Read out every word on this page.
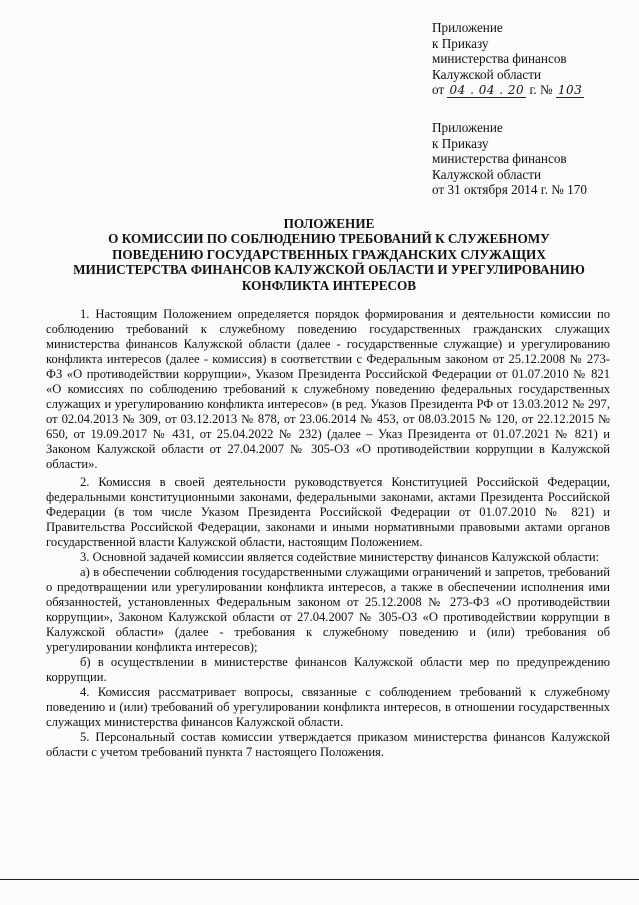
Приложение
к Приказу
министерства финансов
Калужской области
от 04 . 04 . 20 г. № 103
Приложение
к Приказу
министерства финансов
Калужской области
от 31 октября 2014 г. № 170
ПОЛОЖЕНИЕ
О КОМИССИИ ПО СОБЛЮДЕНИЮ ТРЕБОВАНИЙ К СЛУЖЕБНОМУ
ПОВЕДЕНИЮ ГОСУДАРСТВЕННЫХ ГРАЖДАНСКИХ СЛУЖАЩИХ
МИНИСТЕРСТВА ФИНАНСОВ КАЛУЖСКОЙ ОБЛАСТИ И УРЕГУЛИРОВАНИЮ
КОНФЛИКТА ИНТЕРЕСОВ

1. Настоящим Положением определяется порядок формирования и деятельности комиссии по соблюдению требований к служебному поведению государственных гражданских служащих министерства финансов Калужской области (далее - государственные служащие) и урегулированию конфликта интересов (далее - комиссия) в соответствии с Федеральным законом от 25.12.2008 № 273-ФЗ «О противодействии коррупции», Указом Президента Российской Федерации от 01.07.2010 № 821 «О комиссиях по соблюдению требований к служебному поведению федеральных государственных служащих и урегулированию конфликта интересов» (в ред. Указов Президента РФ от 13.03.2012 № 297, от 02.04.2013 № 309, от 03.12.2013 № 878, от 23.06.2014 № 453, от 08.03.2015 № 120, от 22.12.2015 № 650, от 19.09.2017 № 431, от 25.04.2022 № 232) (далее – Указ Президента от 01.07.2021 № 821) и Законом Калужской области от 27.04.2007 № 305-ОЗ «О противодействии коррупции в Калужской области».

2. Комиссия в своей деятельности руководствуется Конституцией Российской Федерации, федеральными конституционными законами, федеральными законами, актами Президента Российской Федерации (в том числе Указом Президента Российской Федерации от 01.07.2010 № 821) и Правительства Российской Федерации, законами и иными нормативными правовыми актами органов государственной власти Калужской области, настоящим Положением.

3. Основной задачей комиссии является содействие министерству финансов Калужской области:

а) в обеспечении соблюдения государственными служащими ограничений и запретов, требований о предотвращении или урегулировании конфликта интересов, а также в обеспечении исполнения ими обязанностей, установленных Федеральным законом от 25.12.2008 № 273-ФЗ «О противодействии коррупции», Законом Калужской области от 27.04.2007 № 305-ОЗ «О противодействии коррупции в Калужской области» (далее - требования к служебному поведению и (или) требования об урегулировании конфликта интересов);

б) в осуществлении в министерстве финансов Калужской области мер по предупреждению коррупции.

4. Комиссия рассматривает вопросы, связанные с соблюдением требований к служебному поведению и (или) требований об урегулировании конфликта интересов, в отношении государственных служащих министерства финансов Калужской области.

5. Персональный состав комиссии утверждается приказом министерства финансов Калужской области с учетом требований пункта 7 настоящего Положения.
